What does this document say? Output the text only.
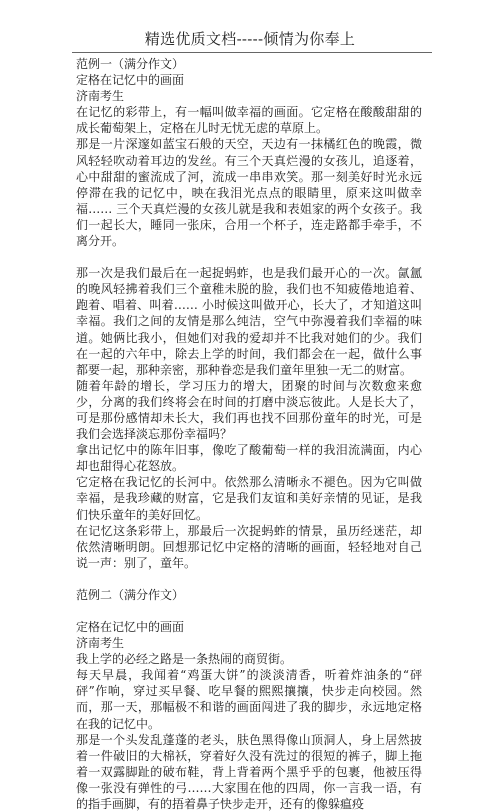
精选优质文档-----倾情为你奉上

范例一（满分作文）

定格在记忆中的画面

济南考生

在记忆的彩带上，有一幅叫做幸福的画面。它定格在酸酸甜甜的成长葡萄架上，定格在儿时无忧无虑的草原上。

那是一片深邃如蓝宝石般的天空，天边有一抹橘红色的晚霞，微风轻轻吹动着耳边的发丝。有三个天真烂漫的女孩儿，追逐着，心中甜甜的蜜流成了河，流成一串串欢笑。那一刻美好时光永远停滞在我的记忆中，映在我泪光点点的眼睛里，原来这叫做幸福…… 三个天真烂漫的女孩儿就是我和表姐家的两个女孩子。我们一起长大，睡同一张床，合用一个杯子，连走路都手牵手，不离分开。

那一次是我们最后在一起捉蚂蚱，也是我们最开心的一次。氤氲的晚风轻拂着我们三个童稚未脱的脸，我们也不知疲倦地追着、跑着、唱着、叫着…… 小时候这叫做开心，长大了，才知道这叫幸福。我们之间的友情是那么纯洁，空气中弥漫着我们幸福的味道。她俩比我小，但她们对我的爱却并不比我对她们的少。我们在一起的六年中，除去上学的时间，我们都会在一起，做什么事都要一起，那种亲密，那种眷恋是我们童年里独一无二的财富。

随着年龄的增长，学习压力的增大，团聚的时间与次数愈来愈少，分离的我们终将会在时间的打磨中淡忘彼此。人是长大了，可是那份感情却未长大，我们再也找不回那份童年的时光，可是我们会选择淡忘那份幸福吗？

拿出记忆中的陈年旧事，像吃了酸葡萄一样的我泪流满面，内心却也甜得心花怒放。

它定格在我记忆的长河中。依然那么清晰永不褪色。因为它叫做幸福，是我珍藏的财富，它是我们友谊和美好亲情的见证，是我们快乐童年的美好回忆。

在记忆这条彩带上，那最后一次捉蚂蚱的情景，虽历经迷茫，却依然清晰明朗。回想那记忆中定格的清晰的画面，轻轻地对自己说一声：别了，童年。

范例二（满分作文）

定格在记忆中的画面

济南考生

我上学的必经之路是一条热闹的商贸街。

每天早晨，我闻着“鸡蛋大饼”的淡淡清香，听着炸油条的“砰砰”作响，穿过买早餐、吃早餐的熙熙攘攘，快步走向校园。然而，那一天，那幅极不和谐的画面闯进了我的脚步，永远地定格在我的记忆中。

那是一个头发乱蓬蓬的老头，肤色黑得像山顶洞人，身上居然披着一件破旧的大棉袄，穿着好久没有洗过的很短的裤子，脚上拖着一双露脚趾的破布鞋，背上背着两个黑乎乎的包裹，他被压得像一张没有弹性的弓……大家围在他的四周，你一言我一语，有的指手画脚，有的捂着鼻子快步走开，还有的像躲瘟疫
